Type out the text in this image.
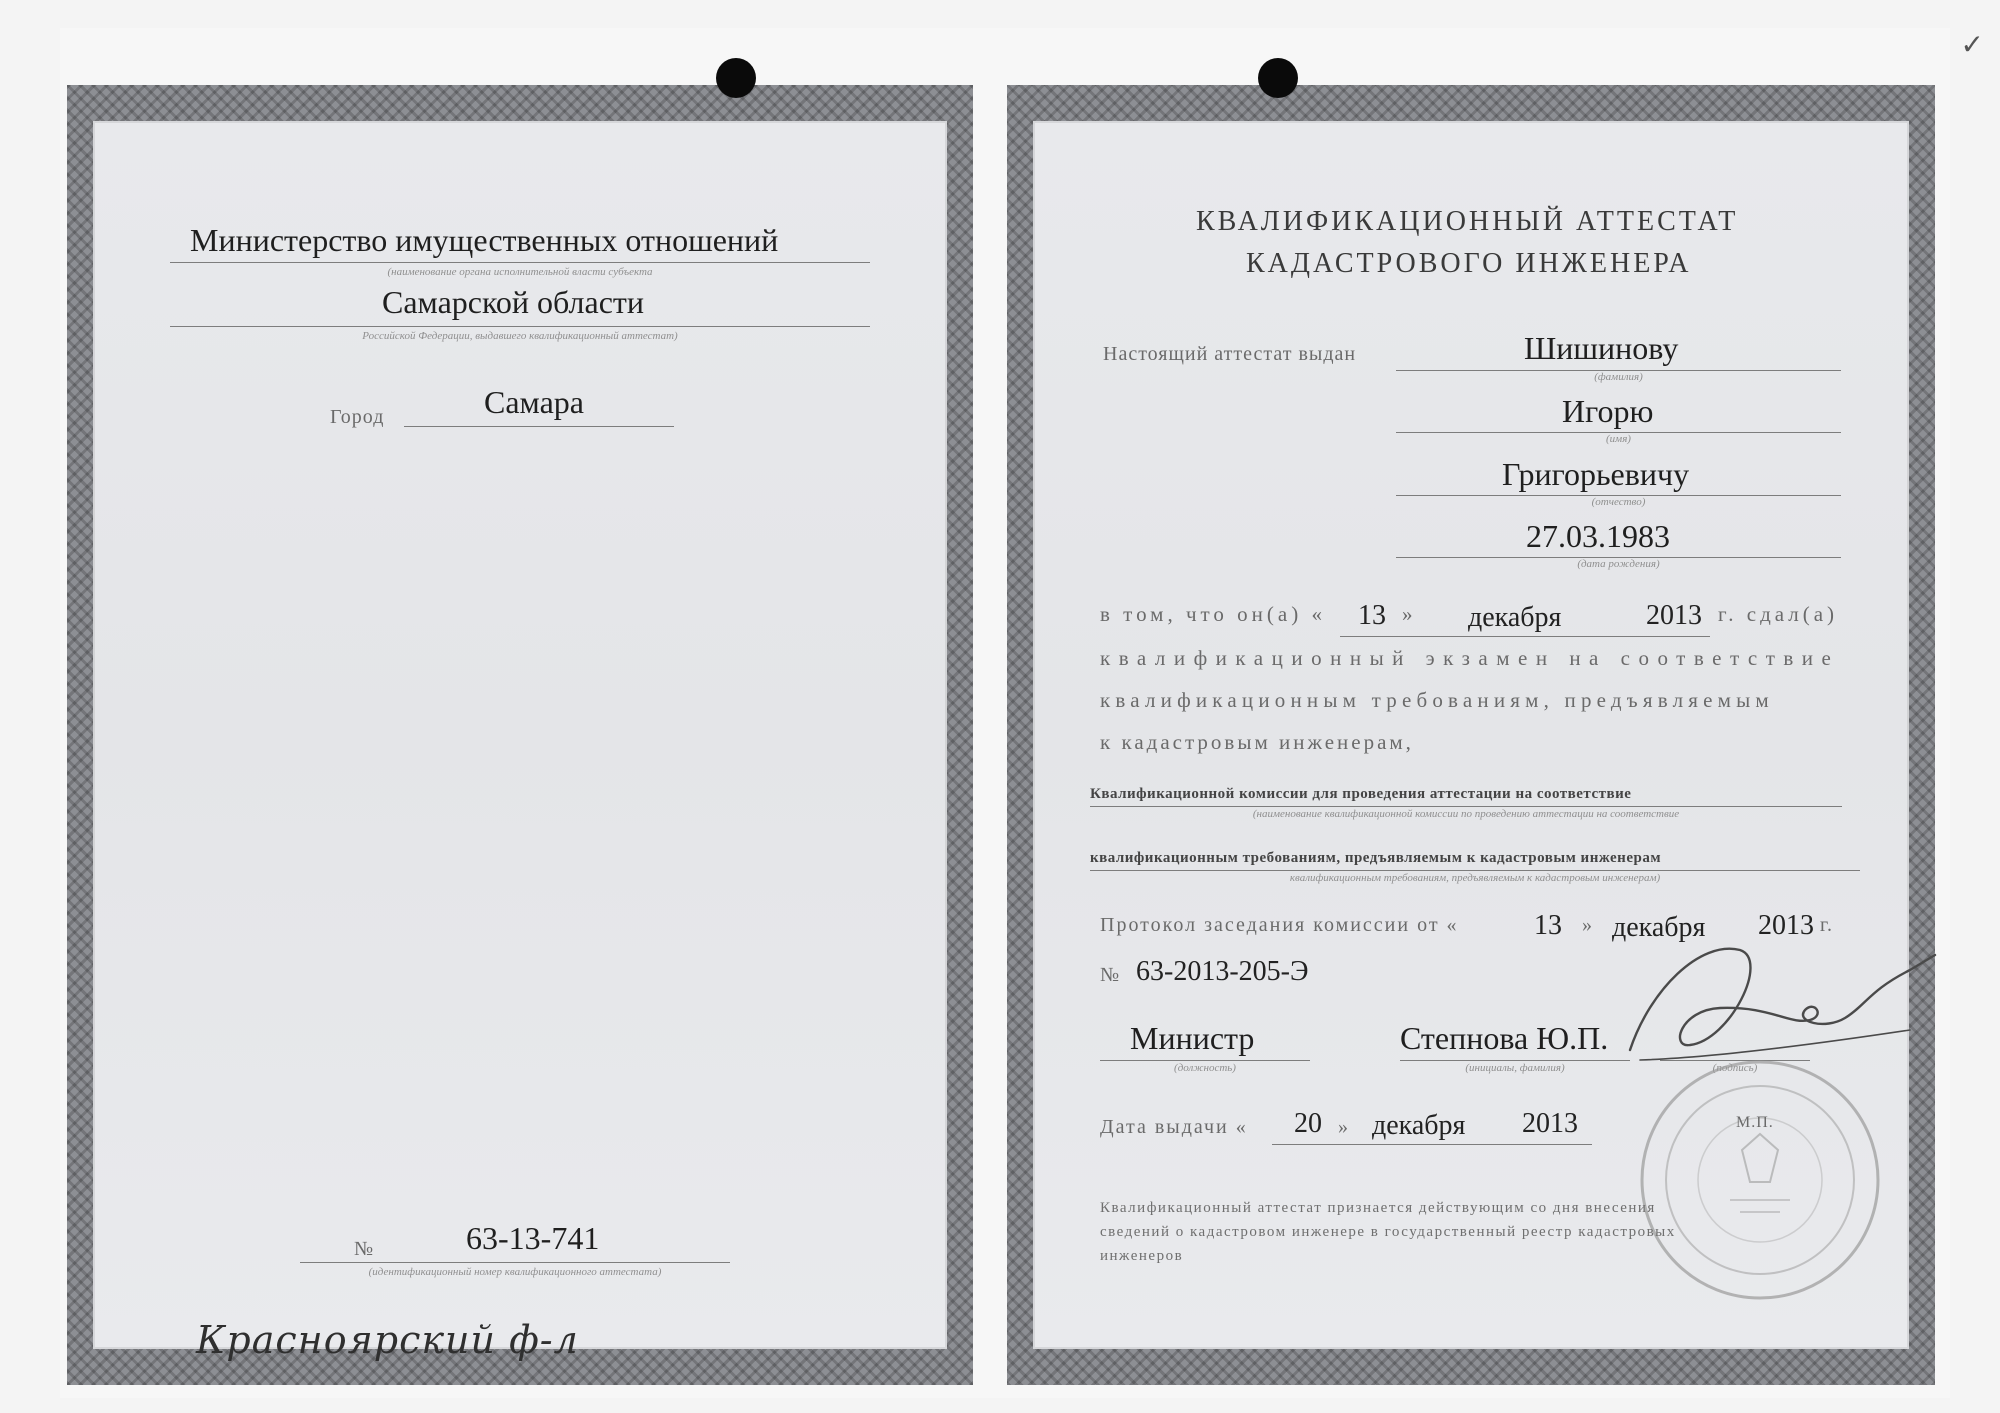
✓
Министерство имущественных отношений
(наименование органа исполнительной власти субъекта
Самарской области
Российской Федерации, выдавшего квалификационный аттестат)
Город	Самара
№	63-13-741
(идентификационный номер квалификационного аттестата)
Красноярский ф-л
КВАЛИФИКАЦИОННЫЙ АТТЕСТАТ
КАДАСТРОВОГО ИНЖЕНЕРА
Настоящий аттестат выдан	Шишинову
(фамилия)
Игорю
(имя)
Григорьевичу
(отчество)
27.03.1983
(дата рождения)
в том, что он(а) « 13 » декабря	2013 г. сдал(а)
квалификационный экзамен на соответствие
квалификационным требованиям, предъявляемым
к кадастровым инженерам,
Квалификационной комиссии для проведения аттестации на соответствие
(наименование квалификационной комиссии по проведению аттестации на соответствие
квалификационным требованиям, предъявляемым к кадастровым инженерам
квалификационным требованиям, предъявляемым к кадастровым инженерам)
Протокол заседания комиссии от «	13 » декабря 2013 г.
№ 63-2013-205-Э
Министр
(должность)
Степнова Ю.П.
(инициалы, фамилия)	(подпись)
М.П.
Дата выдачи « 20 » декабря 2013
Квалификационный аттестат признается действующим со дня внесения
сведений о кадастровом инженере в государственный реестр кадастровых
инженеров
